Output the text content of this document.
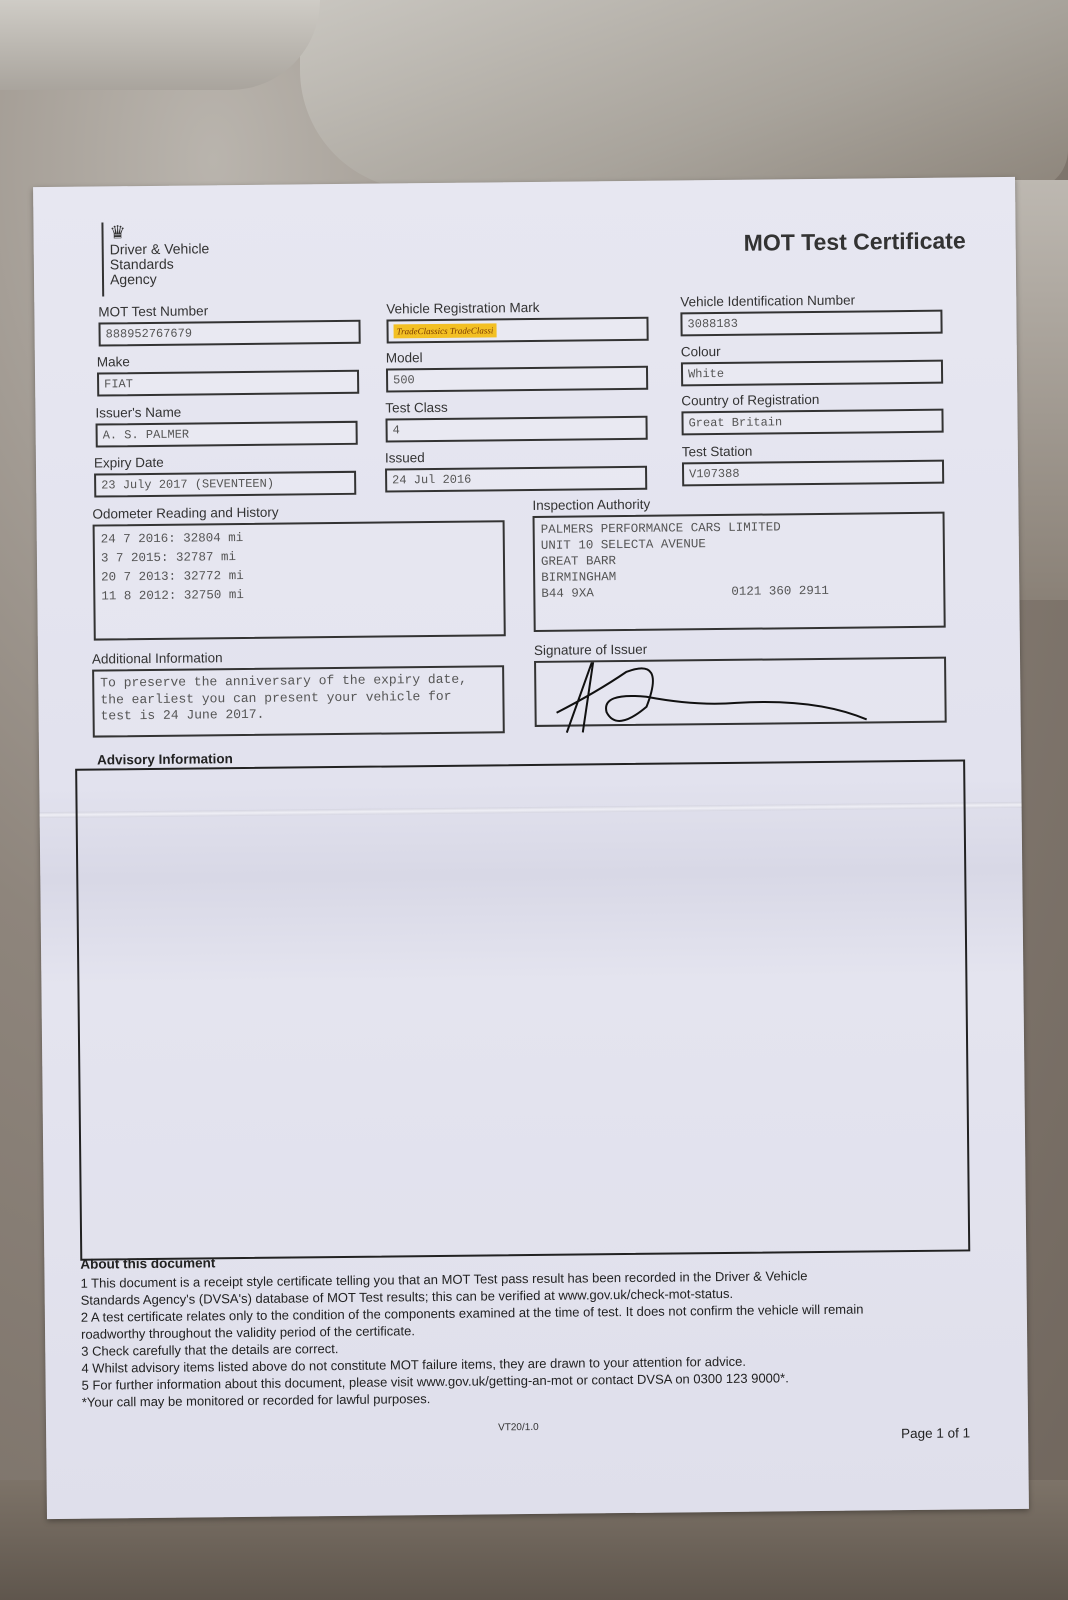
♛
Driver & Vehicle
Standards
Agency
MOT Test Certificate
MOT Test Number
888952767679
Vehicle Registration Mark
TradeClassics TradeClassi
Vehicle Identification Number
3088183
Make
FIAT
Model
500
Colour
White
Issuer's Name
A. S. PALMER
Test Class
4
Country of Registration
Great Britain
Expiry Date
23 July 2017 (SEVENTEEN)
Issued
24 Jul 2016
Test Station
V107388
Odometer Reading and History
24 7 2016: 32804 mi
3 7 2015: 32787 mi
20 7 2013: 32772 mi
11 8 2012: 32750 mi
Inspection Authority
PALMERS PERFORMANCE CARS LIMITED
UNIT 10 SELECTA AVENUE
GREAT BARR
BIRMINGHAM
B44 9XA	0121 360 2911
Additional Information
To preserve the anniversary of the expiry date,
the earliest you can present your vehicle for
test is 24 June 2017.
Signature of Issuer
Advisory Information
About this document

1 This document is a receipt style certificate telling you that an MOT Test pass result has been recorded in the Driver & Vehicle

Standards Agency's (DVSA's) database of MOT Test results; this can be verified at www.gov.uk/check-mot-status.

2 A test certificate relates only to the condition of the components examined at the time of test. It does not confirm the vehicle will remain

roadworthy throughout the validity period of the certificate.

3 Check carefully that the details are correct.

4 Whilst advisory items listed above do not constitute MOT failure items, they are drawn to your attention for advice.

5 For further information about this document, please visit www.gov.uk/getting-an-mot or contact DVSA on 0300 123 9000*.

*Your call may be monitored or recorded for lawful purposes.

VT20/1.0	Page 1 of 1
